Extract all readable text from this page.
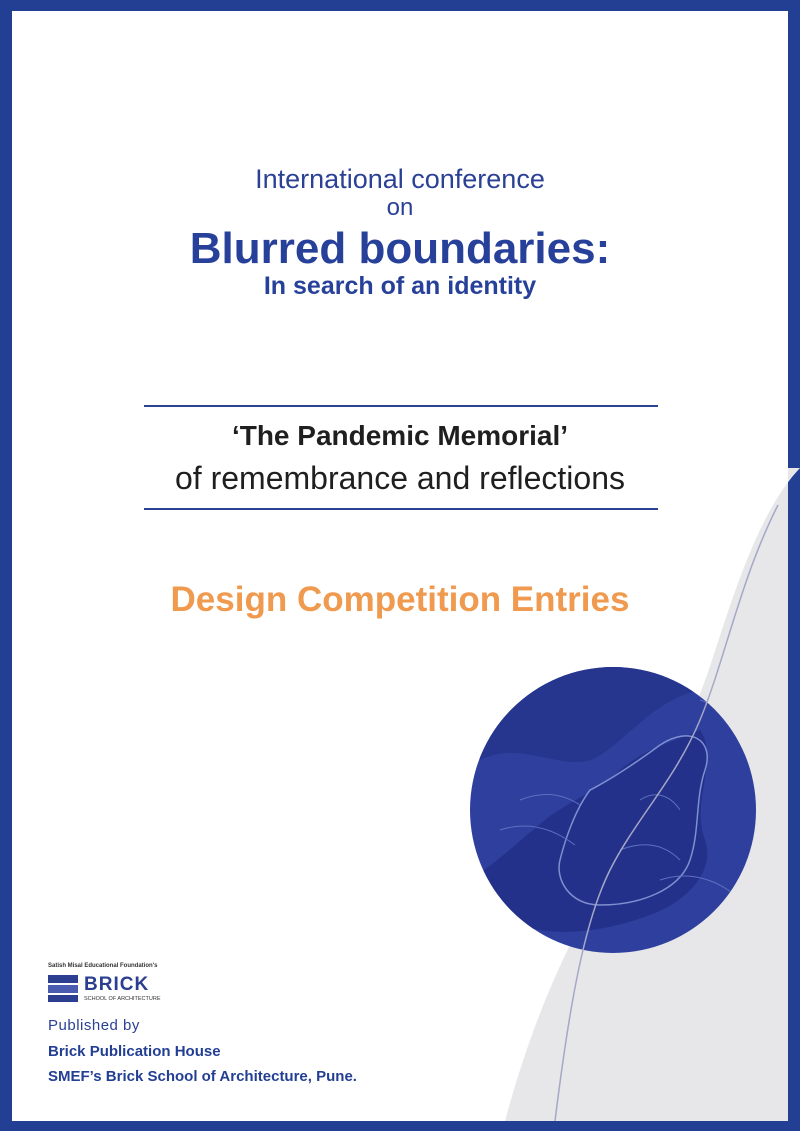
International conference
on
Blurred boundaries:
In search of an identity
‘The Pandemic Memorial’
of remembrance and reflections
Design Competition Entries
Satish Misal Educational Foundation's
BRICK
SCHOOL OF ARCHITECTURE
Published by
Brick Publication House
SMEF’s Brick School of Architecture, Pune.
